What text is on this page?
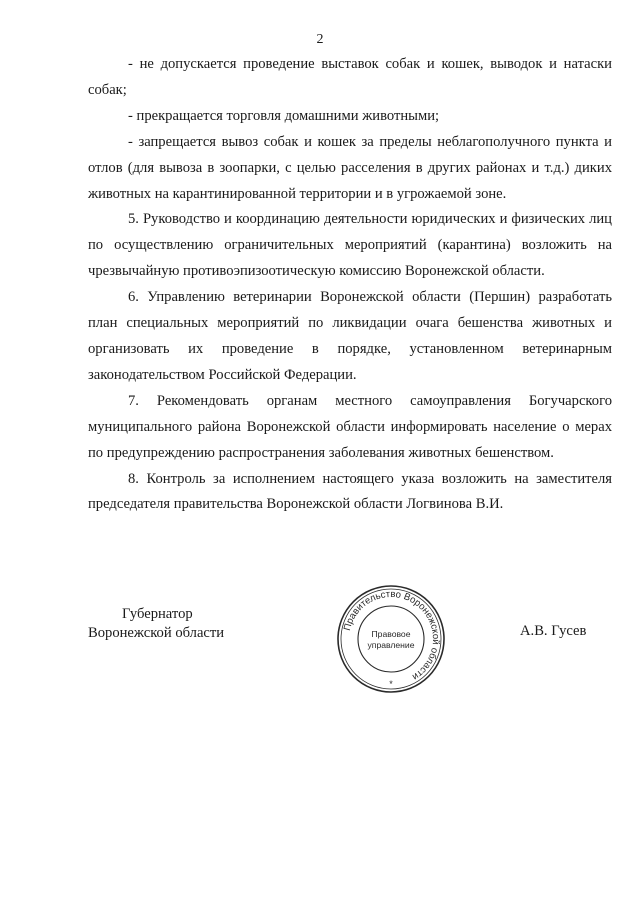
2

- не допускается проведение выставок собак и кошек, выводок и натаски собак;

- прекращается торговля домашними животными;

- запрещается вывоз собак и кошек за пределы неблагополучного пункта и отлов (для вывоза в зоопарки, с целью расселения в других районах и т.д.) диких животных на карантинированной территории и в угрожаемой зоне.

5. Руководство и координацию деятельности юридических и физических лиц по осуществлению ограничительных мероприятий (карантина) возложить на чрезвычайную противоэпизоотическую комиссию Воронежской области.

6. Управлению ветеринарии Воронежской области (Першин) разработать план специальных мероприятий по ликвидации очага бешенства животных и организовать их проведение в порядке, установленном ветеринарным законодательством Российской Федерации.

7. Рекомендовать органам местного самоуправления Богучарского муниципального района Воронежской области информировать население о мерах по предупреждению распространения заболевания животных бешенством.

8. Контроль за исполнением настоящего указа возложить на заместителя председателя правительства Воронежской области Логвинова В.И.

Губернатор
Воронежской области	Правительство Воронежской области
Правовое
управление
*
А.В. Гусев
